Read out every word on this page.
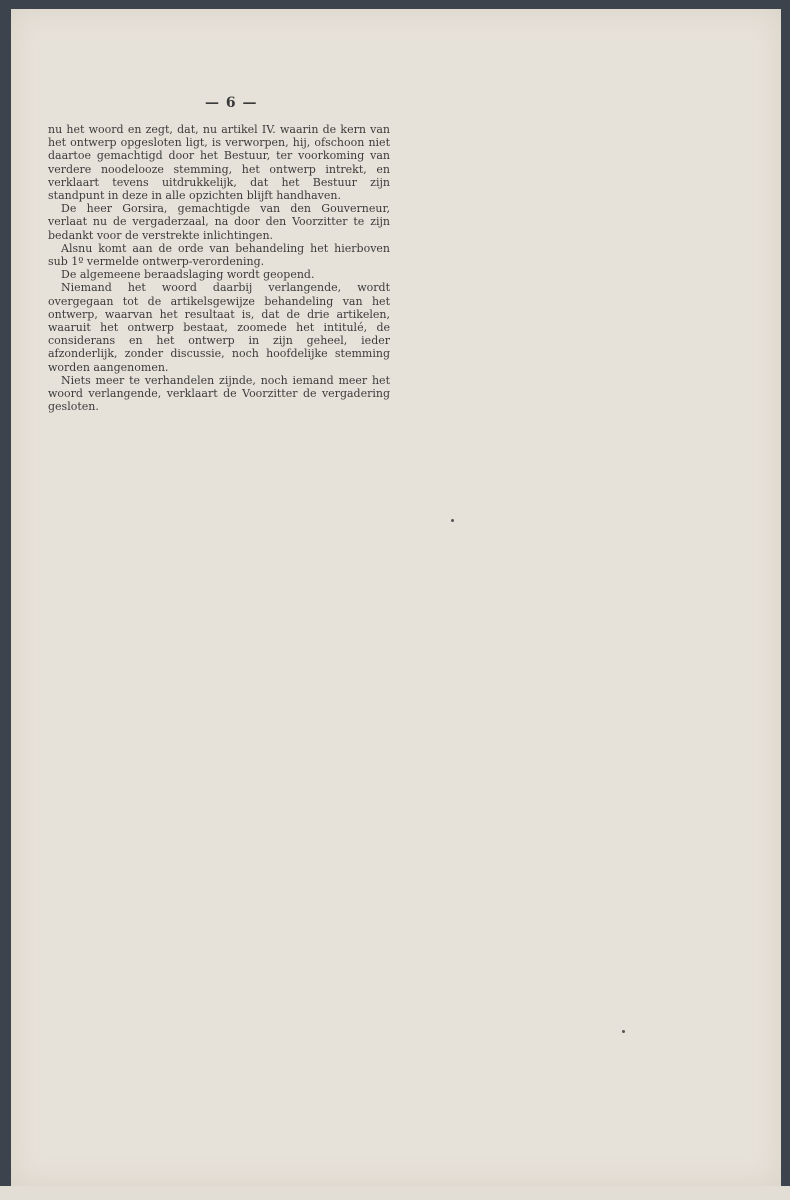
— 6 —

nu het woord en zegt, dat, nu artikel IV. waarin de kern van het ontwerp opgesloten ligt, is verworpen, hij, ofschoon niet daartoe gemachtigd door het Bestuur, ter voorkoming van verdere noodelooze stemming, het ontwerp intrekt, en verklaart tevens uitdrukkelijk, dat het Bestuur zijn standpunt in deze in alle opzichten blijft handhaven.

De heer Gorsira, gemachtigde van den Gouverneur, verlaat nu de vergaderzaal, na door den Voorzitter te zijn bedankt voor de verstrekte inlichtingen.

Alsnu komt aan de orde van behandeling het hierboven sub 1º vermelde ontwerp-verordening.

De algemeene beraadslaging wordt geopend.

Niemand het woord daarbij verlangende, wordt overgegaan tot de artikelsgewijze behandeling van het ontwerp, waarvan het resultaat is, dat de drie artikelen, waaruit het ontwerp bestaat, zoomede het intitulé, de considerans en het ontwerp in zijn geheel, ieder afzonderlijk, zonder discussie, noch hoofdelijke stemming worden aangenomen.

Niets meer te verhandelen zijnde, noch iemand meer het woord verlangende, verklaart de Voorzitter de vergadering gesloten.
